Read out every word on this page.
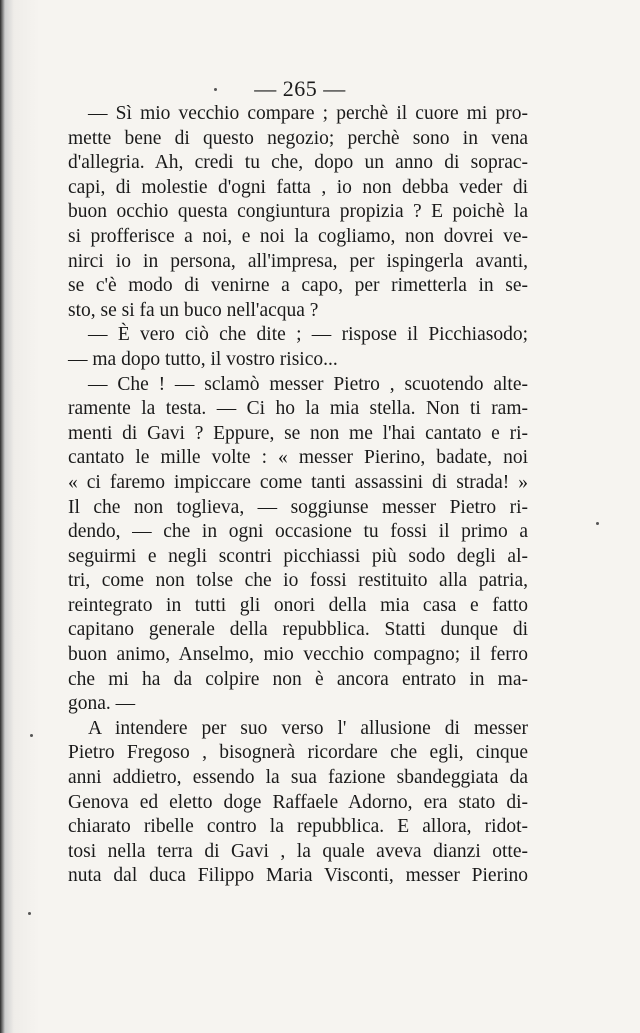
— 265 —
— Sì mio vecchio compare ; perchè il cuore mi pro-
mette bene di questo negozio; perchè sono in vena
d'allegria. Ah, credi tu che, dopo un anno di soprac-
capi, di molestie d'ogni fatta , io non debba veder di
buon occhio questa congiuntura propizia ? E poichè la
si profferisce a noi, e noi la cogliamo, non dovrei ve-
nirci io in persona, all'impresa, per ispingerla avanti,
se c'è modo di venirne a capo, per rimetterla in se-
sto, se si fa un buco nell'acqua ?
— È vero ciò che dite ; — rispose il Picchiasodo;
— ma dopo tutto, il vostro risico...
— Che ! — sclamò messer Pietro , scuotendo alte-
ramente la testa. — Ci ho la mia stella. Non ti ram-
menti di Gavi ? Eppure, se non me l'hai cantato e ri-
cantato le mille volte : « messer Pierino, badate, noi
« ci faremo impiccare come tanti assassini di strada! »
Il che non toglieva, — soggiunse messer Pietro ri-
dendo, — che in ogni occasione tu fossi il primo a
seguirmi e negli scontri picchiassi più sodo degli al-
tri, come non tolse che io fossi restituito alla patria,
reintegrato in tutti gli onori della mia casa e fatto
capitano generale della repubblica. Statti dunque di
buon animo, Anselmo, mio vecchio compagno; il ferro
che mi ha da colpire non è ancora entrato in ma-
gona. —
A intendere per suo verso l' allusione di messer
Pietro Fregoso , bisognerà ricordare che egli, cinque
anni addietro, essendo la sua fazione sbandeggiata da
Genova ed eletto doge Raffaele Adorno, era stato di-
chiarato ribelle contro la repubblica. E allora, ridot-
tosi nella terra di Gavi , la quale aveva dianzi otte-
nuta dal duca Filippo Maria Visconti, messer Pierino
